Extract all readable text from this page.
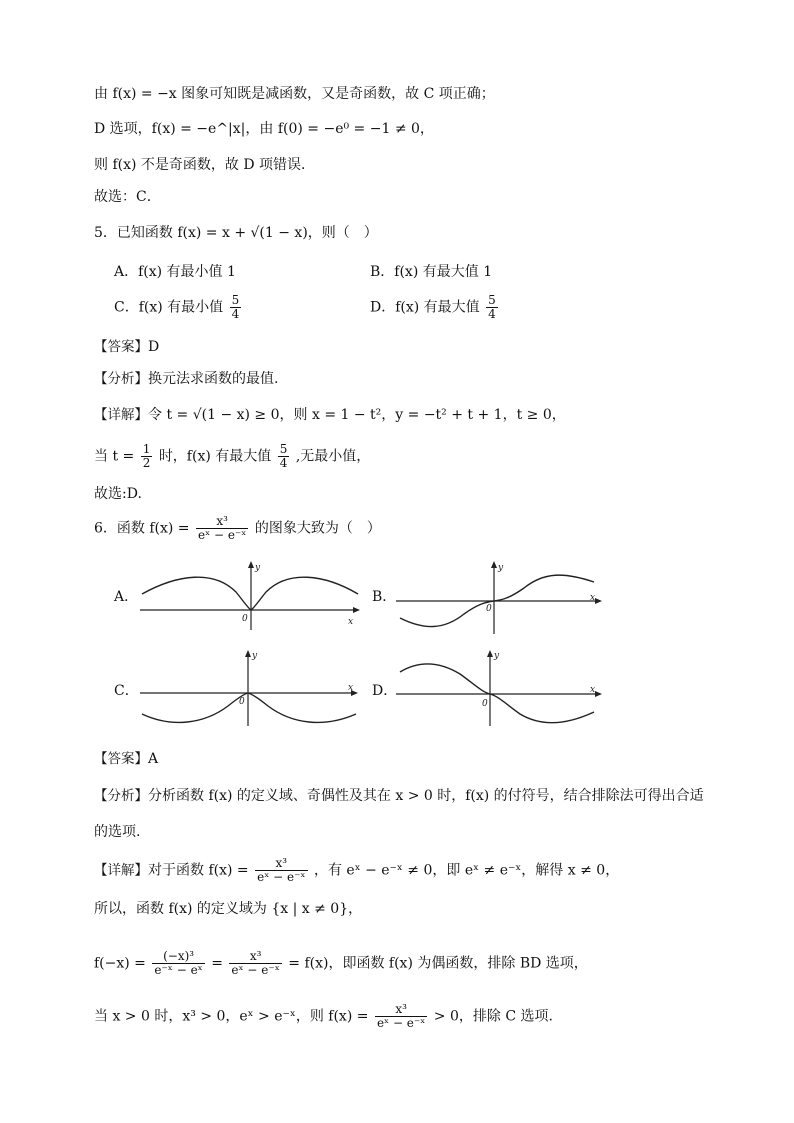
由 f(x) = −x 图象可知既是减函数，又是奇函数，故 C 项正确；
D 选项，f(x) = −e^|x|，由 f(0) = −e⁰ = −1 ≠ 0，
则 f(x) 不是奇函数，故 D 项错误．
故选：C．
5．已知函数 f(x) = x + √(1 − x)，则（　）
A．f(x) 有最小值 1	B．f(x) 有最大值 1
C．f(x) 有最小值 $\frac{5}{4}$	D．f(x) 有最大值 $\frac{5}{4}$
【答案】D
【分析】换元法求函数的最值.
【详解】令 t = √(1 − x) ≥ 0，则 x = 1 − t²，y = −t² + t + 1，t ≥ 0，
当 $t = \frac{1}{2}$ 时，f(x) 有最大值 $\frac{5}{4}$ ,无最小值，
故选:D.
6．函数 $f(x) = \frac{\text{x³}}{\text{eˣ − e⁻ˣ}}$ 的图象大致为（　）
A．	B．
C．	D．
x
y
0
x
y
0
x
y
0
x
y
0
【答案】A
【分析】分析函数 f(x) 的定义域、奇偶性及其在 x > 0 时，f(x) 的付符号，结合排除法可得出合适
的选项.
【详解】对于函数 $f(x) = \frac{\text{x³}}{\text{eˣ − e⁻ˣ}}$ ，有 eˣ − e⁻ˣ ≠ 0，即 eˣ ≠ e⁻ˣ，解得 x ≠ 0，
所以，函数 f(x) 的定义域为 {x | x ≠ 0}，
$f(-x) = \frac{\text{(−x)³}}{\text{e⁻ˣ − eˣ}} = \frac{\text{x³}}{\text{eˣ − e⁻ˣ}} = f(x)$，即函数 f(x) 为偶函数，排除 BD 选项，
当 x > 0 时，x³ > 0，eˣ > e⁻ˣ，则 $f(x) = \frac{\text{x³}}{\text{eˣ − e⁻ˣ}} > 0$，排除 C 选项.
